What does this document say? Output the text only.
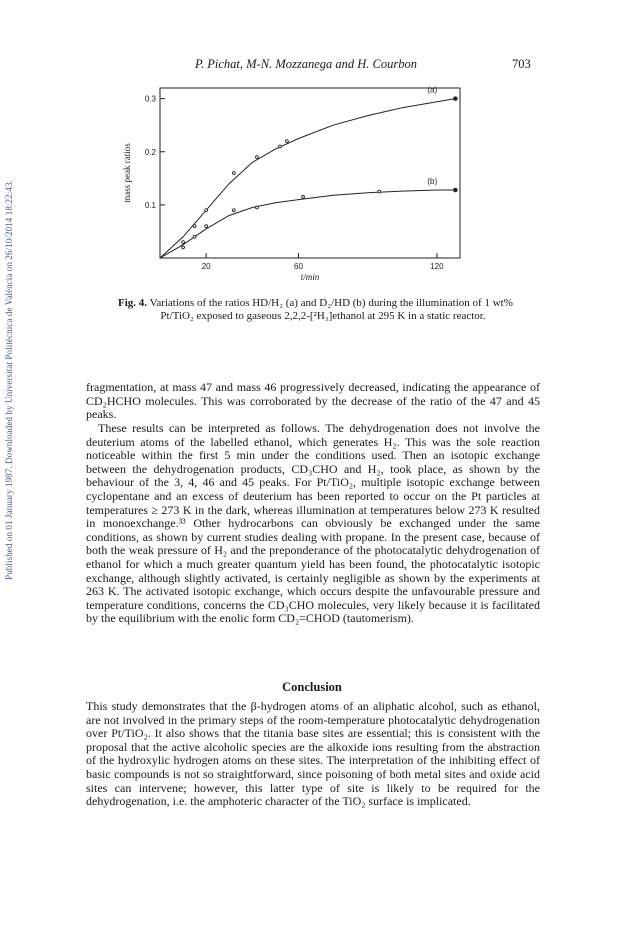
Published on 01 January 1987. Downloaded by Universitat Politècnica de València on 26/10/2014 18:22:43.
P. Pichat, M-N. Mozzanega and H. Courbon	703
0.1
0.2
0.3
20	60	120
mass peak ratios
t/min
(a)
(b)
Fig. 4. Variations of the ratios HD/H₂ (a) and D₂/HD (b) during the illumination of 1 wt%
Pt/TiO₂ exposed to gaseous 2,2,2-[²H₃]ethanol at 295 K in a static reactor.

fragmentation, at mass 47 and mass 46 progressively decreased, indicating the appearance of CD₂HCHO molecules. This was corroborated by the decrease of the ratio of the 47 and 45 peaks.

These results can be interpreted as follows. The dehydrogenation does not involve the deuterium atoms of the labelled ethanol, which generates H₂. This was the sole reaction noticeable within the first 5 min under the conditions used. Then an isotopic exchange between the dehydrogenation products, CD₃CHO and H₂, took place, as shown by the behaviour of the 3, 4, 46 and 45 peaks. For Pt/TiO₂, multiple isotopic exchange between cyclopentane and an excess of deuterium has been reported to occur on the Pt particles at temperatures ≥ 273 K in the dark, whereas illumination at temperatures below 273 K resulted in monoexchange.³³ Other hydrocarbons can obviously be exchanged under the same conditions, as shown by current studies dealing with propane. In the present case, because of both the weak pressure of H₂ and the preponderance of the photocatalytic dehydrogenation of ethanol for which a much greater quantum yield has been found, the photocatalytic isotopic exchange, although slightly activated, is certainly negligible as shown by the experiments at 263 K. The activated isotopic exchange, which occurs despite the unfavourable pressure and temperature conditions, concerns the CD₃CHO molecules, very likely because it is facilitated by the equilibrium with the enolic form CD₂=CHOD (tautomerism).

Conclusion

This study demonstrates that the β-hydrogen atoms of an aliphatic alcohol, such as ethanol, are not involved in the primary steps of the room-temperature photocatalytic dehydrogenation over Pt/TiO₂. It also shows that the titania base sites are essential; this is consistent with the proposal that the active alcoholic species are the alkoxide ions resulting from the abstraction of the hydroxylic hydrogen atoms on these sites. The interpretation of the inhibiting effect of basic compounds is not so straightforward, since poisoning of both metal sites and oxide acid sites can intervene; however, this latter type of site is likely to be required for the dehydrogenation, i.e. the amphoteric character of the TiO₂ surface is implicated.
